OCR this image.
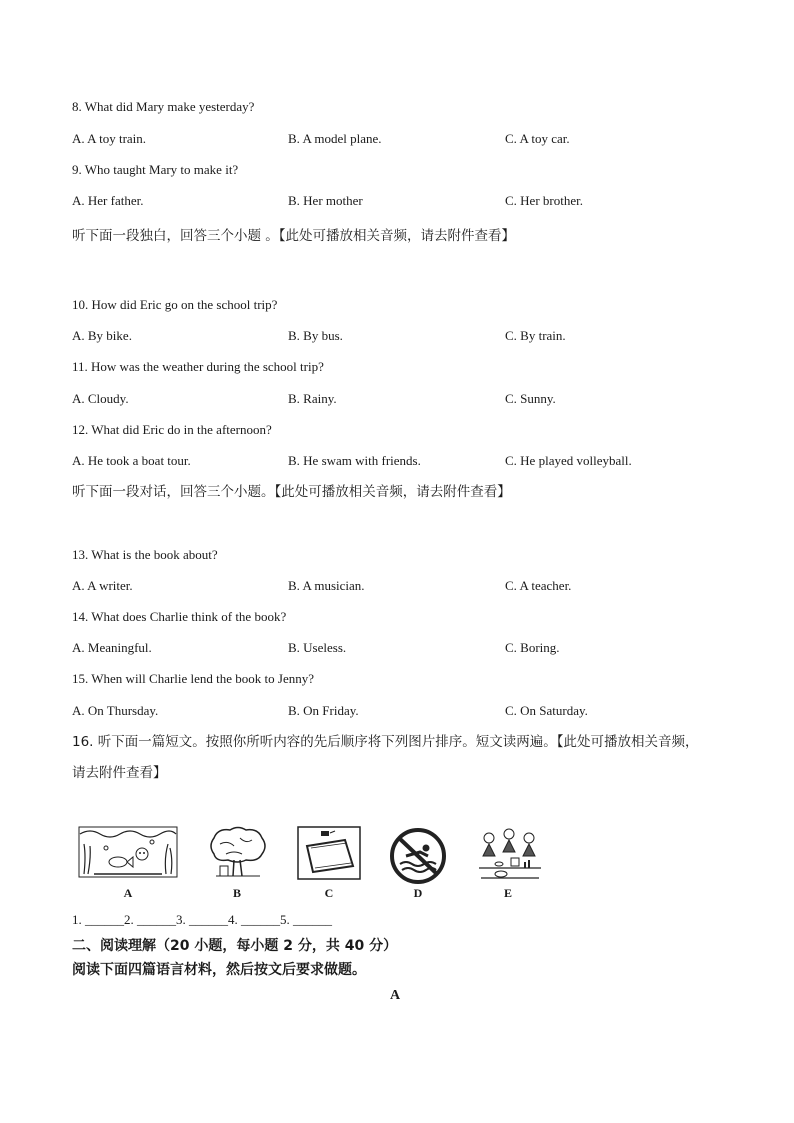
8. What did Mary make yesterday?
A. A toy train.	B. A model plane.	C. A toy car.
9. Who taught Mary to make it?
A. Her father.	B. Her mother	C. Her brother.
听下面一段独白，回答三个小题 。【此处可播放相关音频，请去附件查看】
10. How did Eric go on the school trip?
A. By bike.	B. By bus.	C. By train.
11. How was the weather during the school trip?
A. Cloudy.	B. Rainy.	C. Sunny.
12. What did Eric do in the afternoon?
A. He took a boat tour.	B. He swam with friends.	C. He played volleyball.
听下面一段对话，回答三个小题。【此处可播放相关音频，请去附件查看】
13. What is the book about?
A. A writer.	B. A musician.	C. A teacher.
14. What does Charlie think of the book?
A. Meaningful.	B. Useless.	C. Boring.
15. When will Charlie lend the book to Jenny?
A. On Thursday.	B. On Friday.	C. On Saturday.
16. 听下面一篇短文。按照你所听内容的先后顺序将下列图片排序。短文读两遍。【此处可播放相关音频，
请去附件查看】
A	B	C	D	E
1. ______2. ______3. ______4. ______5. ______
二、阅读理解（20 小题，每小题 2 分，共 40 分）
阅读下面四篇语言材料，然后按文后要求做题。
A
